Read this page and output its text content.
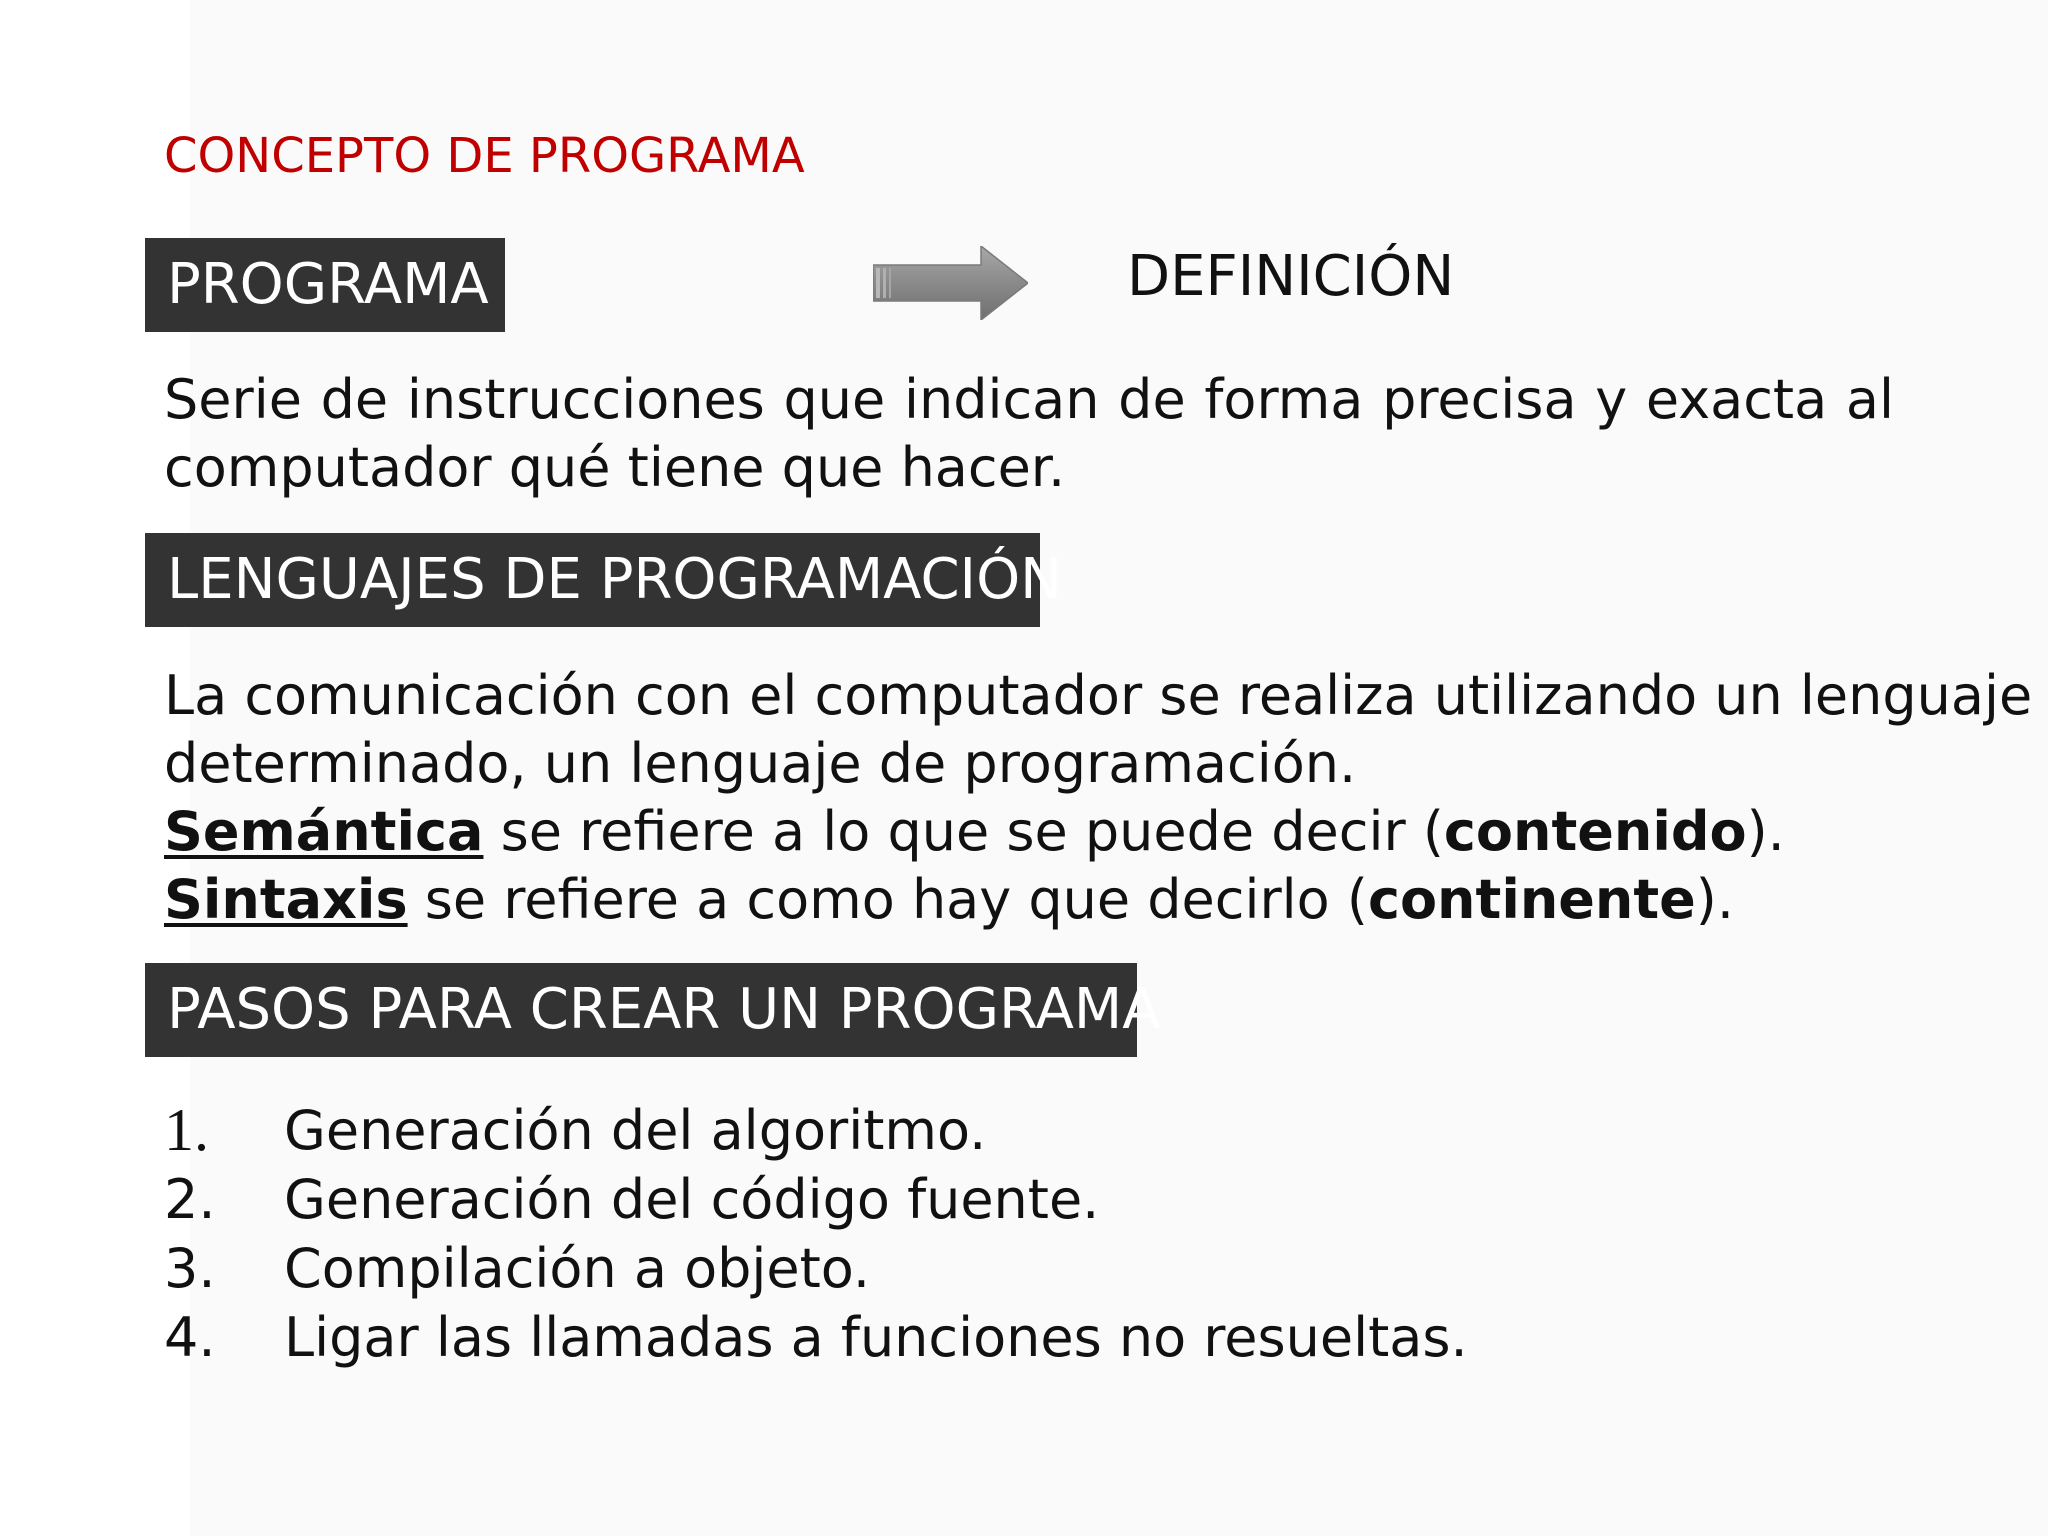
CONCEPTO DE PROGRAMA
PROGRAMA	DEFINICIÓN
Serie de instrucciones que indican de forma precisa y exacta al computador qué tiene que hacer.
LENGUAJES DE PROGRAMACIÓN
La comunicación con el computador se realiza utilizando un lenguaje
determinado, un lenguaje de programación.
Semántica se refiere a lo que se puede decir (contenido).
Sintaxis se refiere a como hay que decirlo (continente).
PASOS PARA CREAR UN PROGRAMA
1. Generación del algoritmo.
2. Generación del código fuente.
3. Compilación a objeto.
4. Ligar las llamadas a funciones no resueltas.
